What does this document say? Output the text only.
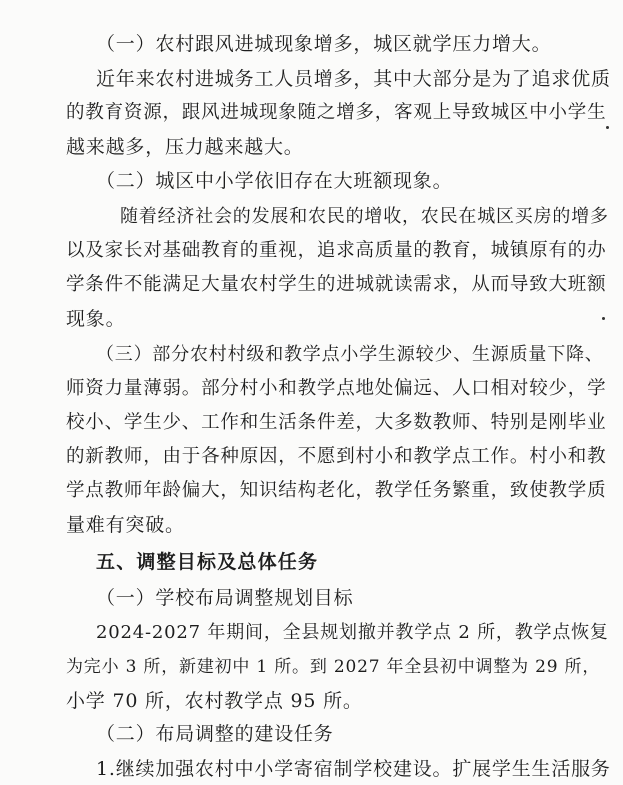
（一）农村跟风进城现象增多，城区就学压力增大。
近年来农村进城务工人员增多，其中大部分是为了追求优质
的教育资源，跟风进城现象随之增多，客观上导致城区中小学生
越来越多，压力越来越大。
（二）城区中小学依旧存在大班额现象。
随着经济社会的发展和农民的增收，农民在城区买房的增多
以及家长对基础教育的重视，追求高质量的教育，城镇原有的办
学条件不能满足大量农村学生的进城就读需求，从而导致大班额
现象。
（三）部分农村村级和教学点小学生源较少、生源质量下降、
师资力量薄弱。部分村小和教学点地处偏远、人口相对较少，学
校小、学生少、工作和生活条件差，大多数教师、特别是刚毕业
的新教师，由于各种原因，不愿到村小和教学点工作。村小和教
学点教师年龄偏大，知识结构老化，教学任务繁重，致使教学质
量难有突破。
五、调整目标及总体任务
（一）学校布局调整规划目标
2024-2027 年期间，全县规划撤并教学点 2 所，教学点恢复
为完小 3 所，新建初中 1 所。到 2027 年全县初中调整为 29 所，
小学 70 所，农村教学点 95 所。
（二）布局调整的建设任务
1.继续加强农村中小学寄宿制学校建设。扩展学生生活服务
